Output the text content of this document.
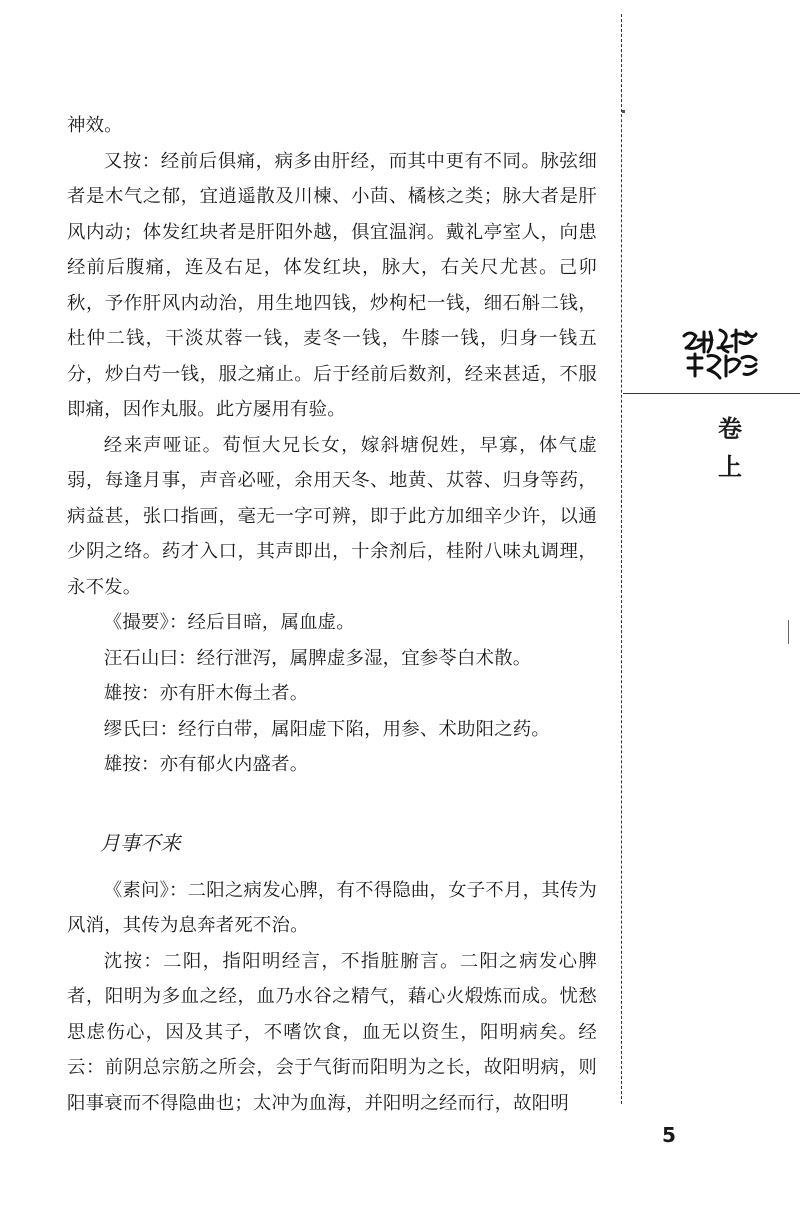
神效。

又按：经前后俱痛，病多由肝经，而其中更有不同。脉弦细者是木气之郁，宜逍遥散及川楝、小茴、橘核之类；脉大者是肝风内动；体发红块者是肝阳外越，俱宜温润。戴礼亭室人，向患经前后腹痛，连及右足，体发红块，脉大，右关尺尤甚。己卯秋，予作肝风内动治，用生地四钱，炒枸杞一钱，细石斛二钱，杜仲二钱，干淡苁蓉一钱，麦冬一钱，牛膝一钱，归身一钱五分，炒白芍一钱，服之痛止。后于经前后数剂，经来甚适，不服即痛，因作丸服。此方屡用有验。

经来声哑证。荀恒大兄长女，嫁斜塘倪姓，早寡，体气虚弱，每逢月事，声音必哑，余用天冬、地黄、苁蓉、归身等药，病益甚，张口指画，毫无一字可辨，即于此方加细辛少许，以通少阴之络。药才入口，其声即出，十余剂后，桂附八味丸调理，永不发。

《撮要》：经后目暗，属血虚。

汪石山曰：经行泄泻，属脾虚多湿，宜参苓白术散。

雄按：亦有肝木侮土者。

缪氏曰：经行白带，属阳虚下陷，用参、术助阳之药。

雄按：亦有郁火内盛者。

月事不来

《素问》：二阳之病发心脾，有不得隐曲，女子不月，其传为风消，其传为息奔者死不治。

沈按：二阳，指阳明经言，不指脏腑言。二阳之病发心脾者，阳明为多血之经，血乃水谷之精气，藉心火煅炼而成。忧愁思虑伤心，因及其子，不嗜饮食，血无以资生，阳明病矣。经云：前阴总宗筋之所会，会于气街而阳明为之长，故阳明病，则阳事衰而不得隐曲也；太冲为血海，并阳明之经而行，故阳明

卷上
5
